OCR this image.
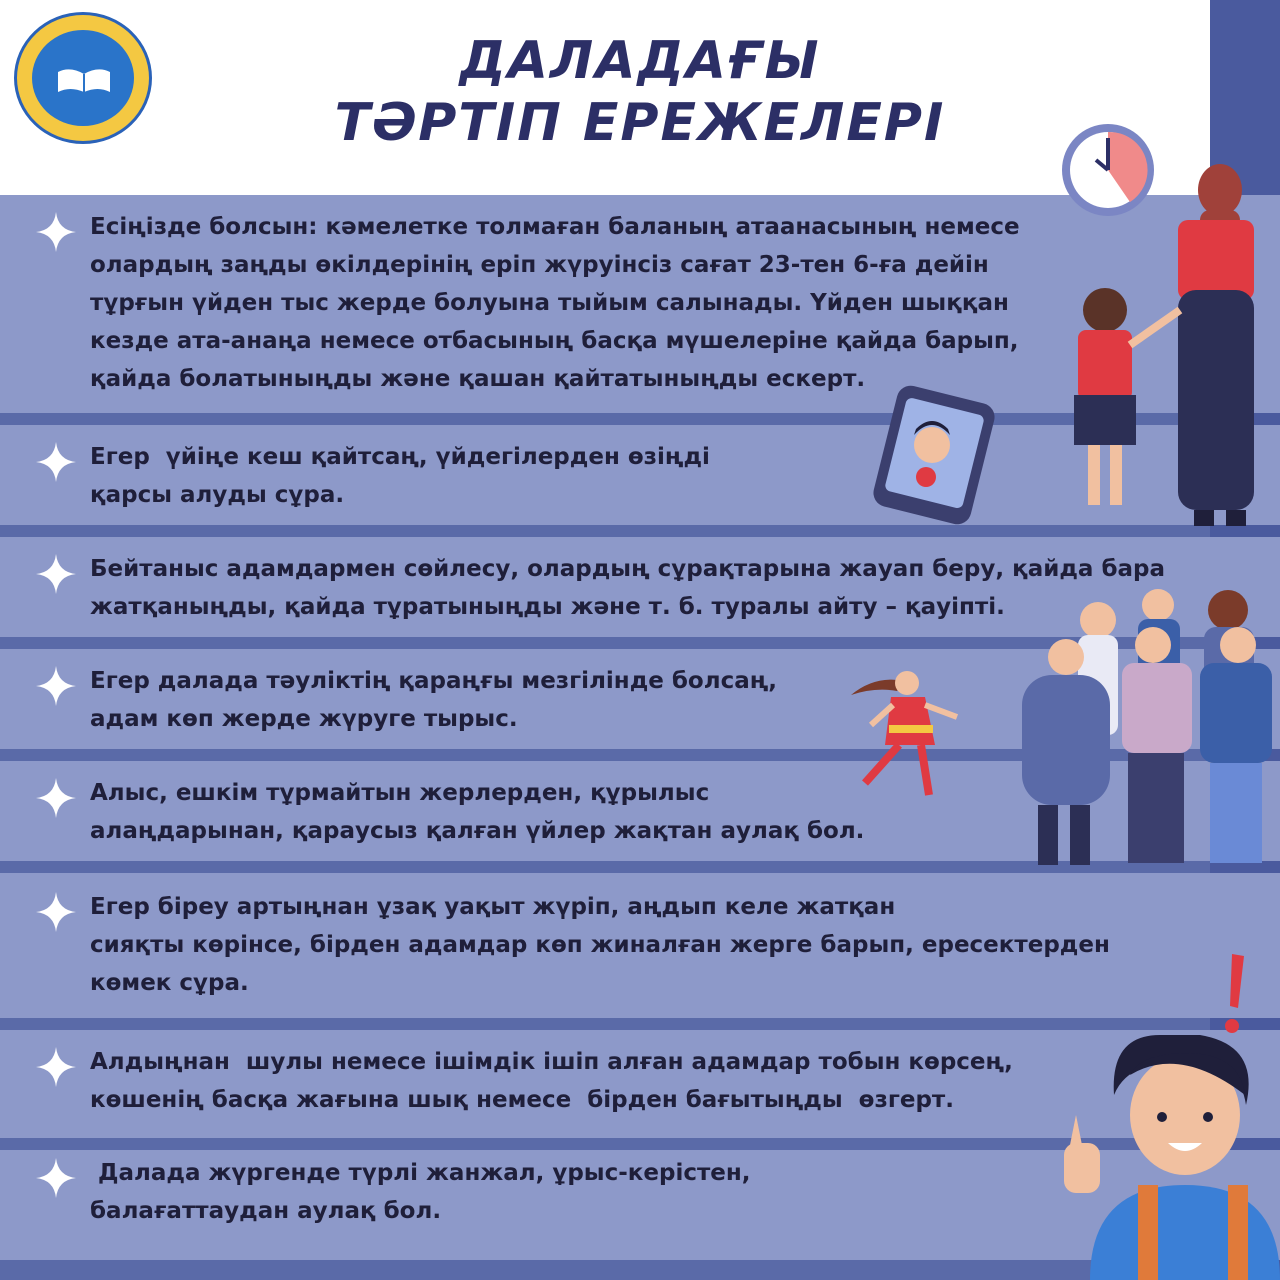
ДАЛАДАҒЫ
ТӘРТІП ЕРЕЖЕЛЕРІ
Есіңізде болсын: кәмелетке толмаған баланың атаанасының немесе
олардың заңды өкілдерінің еріп жүруінсіз сағат 23-тен 6-ға дейін
тұрғын үйден тыс жерде болуына тыйым салынады. Үйден шыққан
кезде ата-анаңа немесе отбасының басқа мүшелеріне қайда барып,
қайда болатыныңды және қашан қайтатыныңды ескерт.
Егер  үйіңе кеш қайтсаң, үйдегілерден өзіңді
қарсы алуды сұра.
Бейтаныс адамдармен сөйлесу, олардың сұрақтарына жауап беру, қайда бара
жатқаныңды, қайда тұратыныңды және т. б. туралы айту – қауіпті.
Егер далада тәуліктің қараңғы мезгілінде болсаң,
адам көп жерде жүруге тырыс.
Алыс, ешкім тұрмайтын жерлерден, құрылыс
алаңдарынан, қараусыз қалған үйлер жақтан аулақ бол.
Егер біреу артыңнан ұзақ уақыт жүріп, аңдып келе жатқан
сияқты көрінсе, бірден адамдар көп жиналған жерге барып, ересектерден
көмек сұра.
Алдыңнан  шулы немесе ішімдік ішіп алған адамдар тобын көрсең,
көшенің басқа жағына шық немесе  бірден бағытыңды  өзгерт.
Далада жүргенде түрлі жанжал, ұрыс-керістен,
балағаттаудан аулақ бол.
